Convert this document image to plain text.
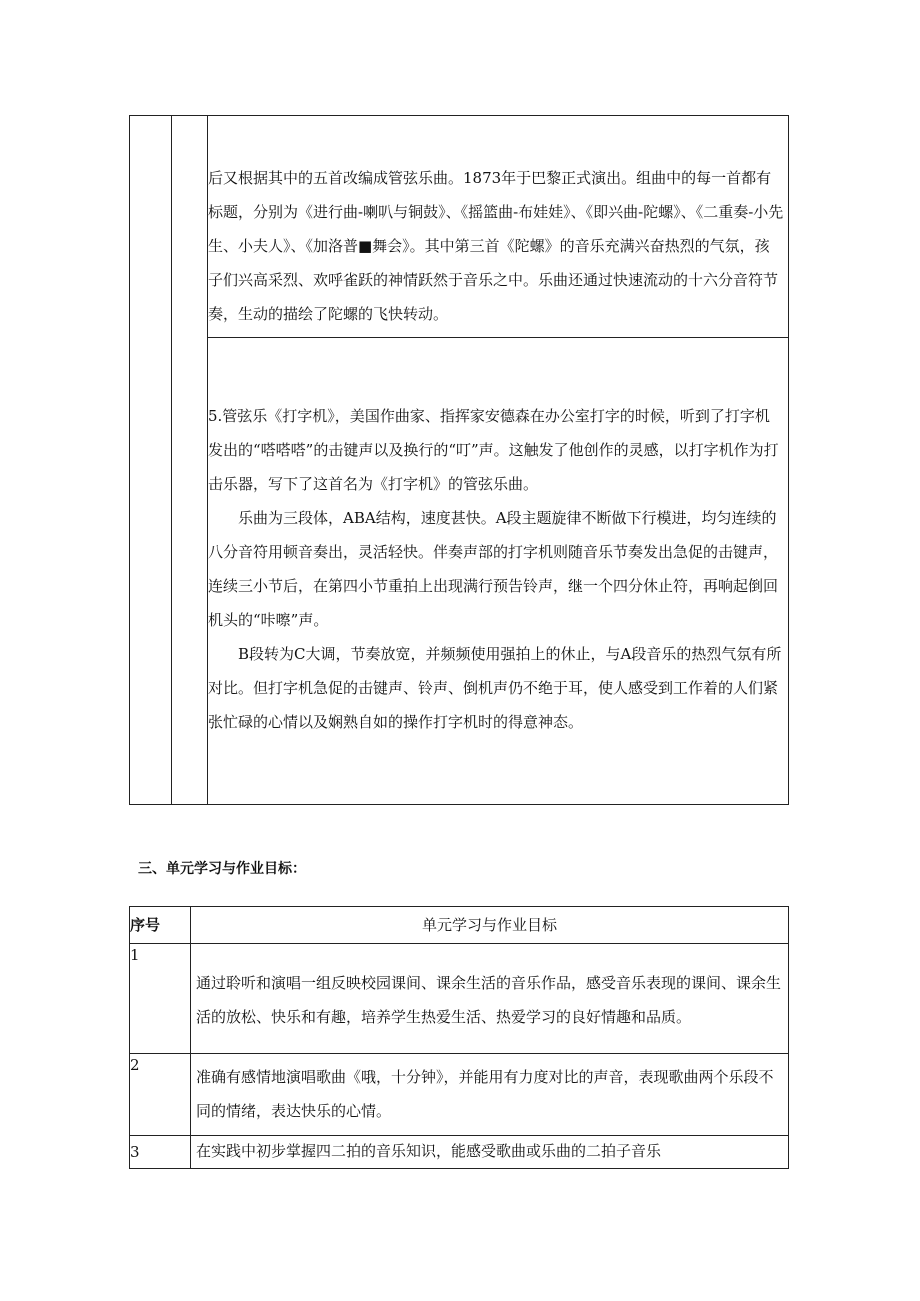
后又根据其中的五首改编成管弦乐曲。1873年于巴黎正式演出。组曲中的每一首都有标题，分别为《进行曲-喇叭与铜鼓》、《摇篮曲-布娃娃》、《即兴曲-陀螺》、《二重奏-小先生、小夫人》、《加洛普■舞会》。其中第三首《陀螺》的音乐充满兴奋热烈的气氛，孩子们兴高采烈、欢呼雀跃的神情跃然于音乐之中。乐曲还通过快速流动的十六分音符节奏，生动的描绘了陀螺的飞快转动。

5.管弦乐《打字机》，美国作曲家、指挥家安德森在办公室打字的时候，听到了打字机发出的“嗒嗒嗒”的击键声以及换行的“叮”声。这触发了他创作的灵感，以打字机作为打击乐器，写下了这首名为《打字机》的管弦乐曲。

乐曲为三段体，ABA结构，速度甚快。A段主题旋律不断做下行模进，均匀连续的八分音符用顿音奏出，灵活轻快。伴奏声部的打字机则随音乐节奏发出急促的击键声，连续三小节后，在第四小节重拍上出现满行预告铃声，继一个四分休止符，再响起倒回机头的“咔嚓”声。

B段转为C大调，节奏放宽，并频频使用强拍上的休止，与A段音乐的热烈气氛有所对比。但打字机急促的击键声、铃声、倒机声仍不绝于耳，使人感受到工作着的人们紧张忙碌的心情以及娴熟自如的操作打字机时的得意神态。

三、单元学习与作业目标：
序号	单元学习与作业目标
1	通过聆听和演唱一组反映校园课间、课余生活的音乐作品，感受音乐表现的课间、课余生活的放松、快乐和有趣，培养学生热爱生活、热爱学习的良好情趣和品质。
2	准确有感情地演唱歌曲《哦，十分钟》，并能用有力度对比的声音，表现歌曲两个乐段不同的情绪，表达快乐的心情。
3	在实践中初步掌握四二拍的音乐知识，能感受歌曲或乐曲的二拍子音乐
